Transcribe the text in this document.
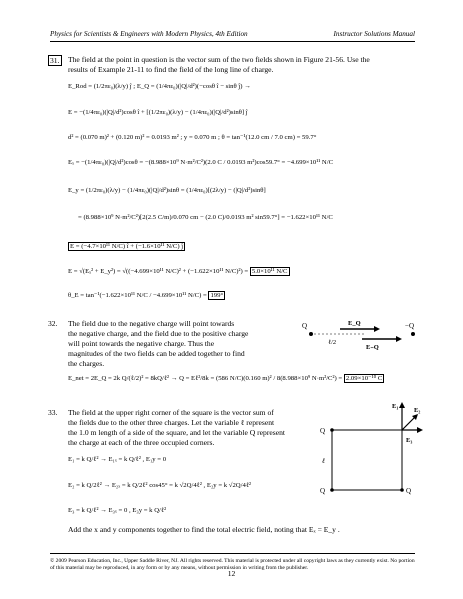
Physics for Scientists & Engineers with Modern Physics, 4th Edition	Instructor Solutions Manual
31. The field at the point in question is the vector sum of the two fields shown in Figure 21-56. Use the
results of Example 21-11 to find the field of the long line of charge.
E_Rod = (1/2πε₀)(λ/y) ĵ ; E_Q = (1/4πε₀)(|Q|/d²)(−cosθ î − sinθ ĵ) →
E = −(1/4πε₀)(|Q|/d²)cosθ î + [(1/2πε₀)(λ/y) − (1/4πε₀)(|Q|/d²)sinθ] ĵ
d² = (0.070 m)² + (0.120 m)² = 0.0193 m² ; y = 0.070 m ; θ = tan⁻¹(12.0 cm / 7.0 cm) = 59.7°
Eₓ = −(1/4πε₀)(|Q|/d²)cosθ = −(8.988×10⁹ N·m²/C²)(2.0 C / 0.0193 m²)cos59.7° = −4.699×10¹¹ N/C
E_y = (1/2πε₀)(λ/y) − (1/4πε₀)(|Q|/d²)sinθ = (1/4πε₀)[(2λ/y) − (|Q|/d²)sinθ]
= (8.988×10⁹ N·m²/C²)[2(2.5 C/m)/0.070 cm − (2.0 C)/0.0193 m² sin59.7°] = −1.622×10¹¹ N/C
E = (−4.7×10¹¹ N/C) î + (−1.6×10¹¹ N/C) ĵ
E = √(Eₓ² + E_y²) = √((−4.699×10¹¹ N/C)² + (−1.622×10¹¹ N/C)²) = 5.0×10¹¹ N/C
θ_E = tan⁻¹(−1.622×10¹¹ N/C / −4.699×10¹¹ N/C) = 199°
32. The field due to the negative charge will point towards
the negative charge, and the field due to the positive charge
will point towards the negative charge. Thus the
magnitudes of the two fields can be added together to find
the charges.
Q	−Q
E_Q
E₋Q
ℓ/2
E_net = 2E_Q = 2k Q/(ℓ/2)² = 8kQ/ℓ² → Q = Eℓ²/8k = (586 N/C)(0.160 m)² / 8(8.988×10⁹ N·m²/C²) = 2.09×10⁻¹⁰ C
33. The field at the upper right corner of the square is the vector sum of
the fields due to the other three charges. Let the variable ℓ represent
the 1.0 m length of a side of the square, and let the variable Q represent
the charge at each of the three occupied corners.
E₁ = k Q/ℓ² → E₁ₓ = k Q/ℓ² , E₁y = 0
E₂ = k Q/2ℓ² → E₂ₓ = k Q/2ℓ² cos45° = k √2Q/4ℓ² , E₂y = k √2Q/4ℓ²
E₃ = k Q/ℓ² → E₃ₓ = 0 , E₃y = k Q/ℓ²
Add the x and y components together to find the total electric field, noting that Eₓ = E_y .
Q
Q	Q
ℓ
E₁
E₂
E₃
© 2009 Pearson Education, Inc., Upper Saddle River, NJ. All rights reserved. This material is protected under all copyright laws as they currently exist. No portion of this material may be reproduced, in any form or by any means, without permission in writing from the publisher.
12
